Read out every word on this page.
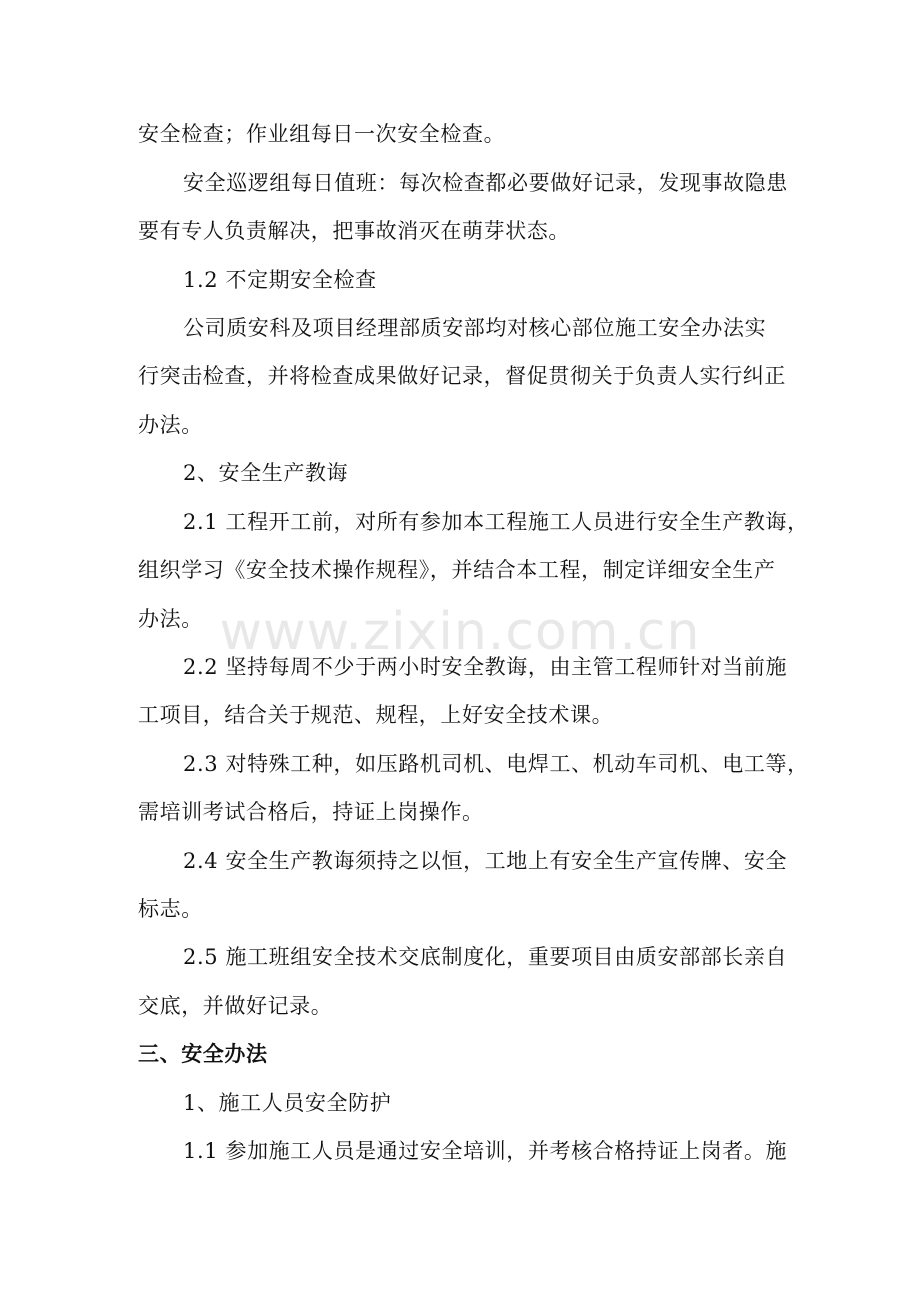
安全检查；作业组每日一次安全检查。
安全巡逻组每日值班：每次检查都必要做好记录，发现事故隐患
要有专人负责解决，把事故消灭在萌芽状态。
1.2 不定期安全检查
公司质安科及项目经理部质安部均对核心部位施工安全办法实
行突击检查，并将检查成果做好记录，督促贯彻关于负责人实行纠正
办法。
2、安全生产教诲
2.1 工程开工前，对所有参加本工程施工人员进行安全生产教诲，
组织学习《安全技术操作规程》，并结合本工程，制定详细安全生产
办法。
2.2 坚持每周不少于两小时安全教诲，由主管工程师针对当前施
工项目，结合关于规范、规程，上好安全技术课。
2.3 对特殊工种，如压路机司机、电焊工、机动车司机、电工等，
需培训考试合格后，持证上岗操作。
2.4 安全生产教诲须持之以恒，工地上有安全生产宣传牌、安全
标志。
2.5 施工班组安全技术交底制度化，重要项目由质安部部长亲自
交底，并做好记录。
三、安全办法
1、施工人员安全防护
1.1 参加施工人员是通过安全培训，并考核合格持证上岗者。施
www.zixin.com.cn
